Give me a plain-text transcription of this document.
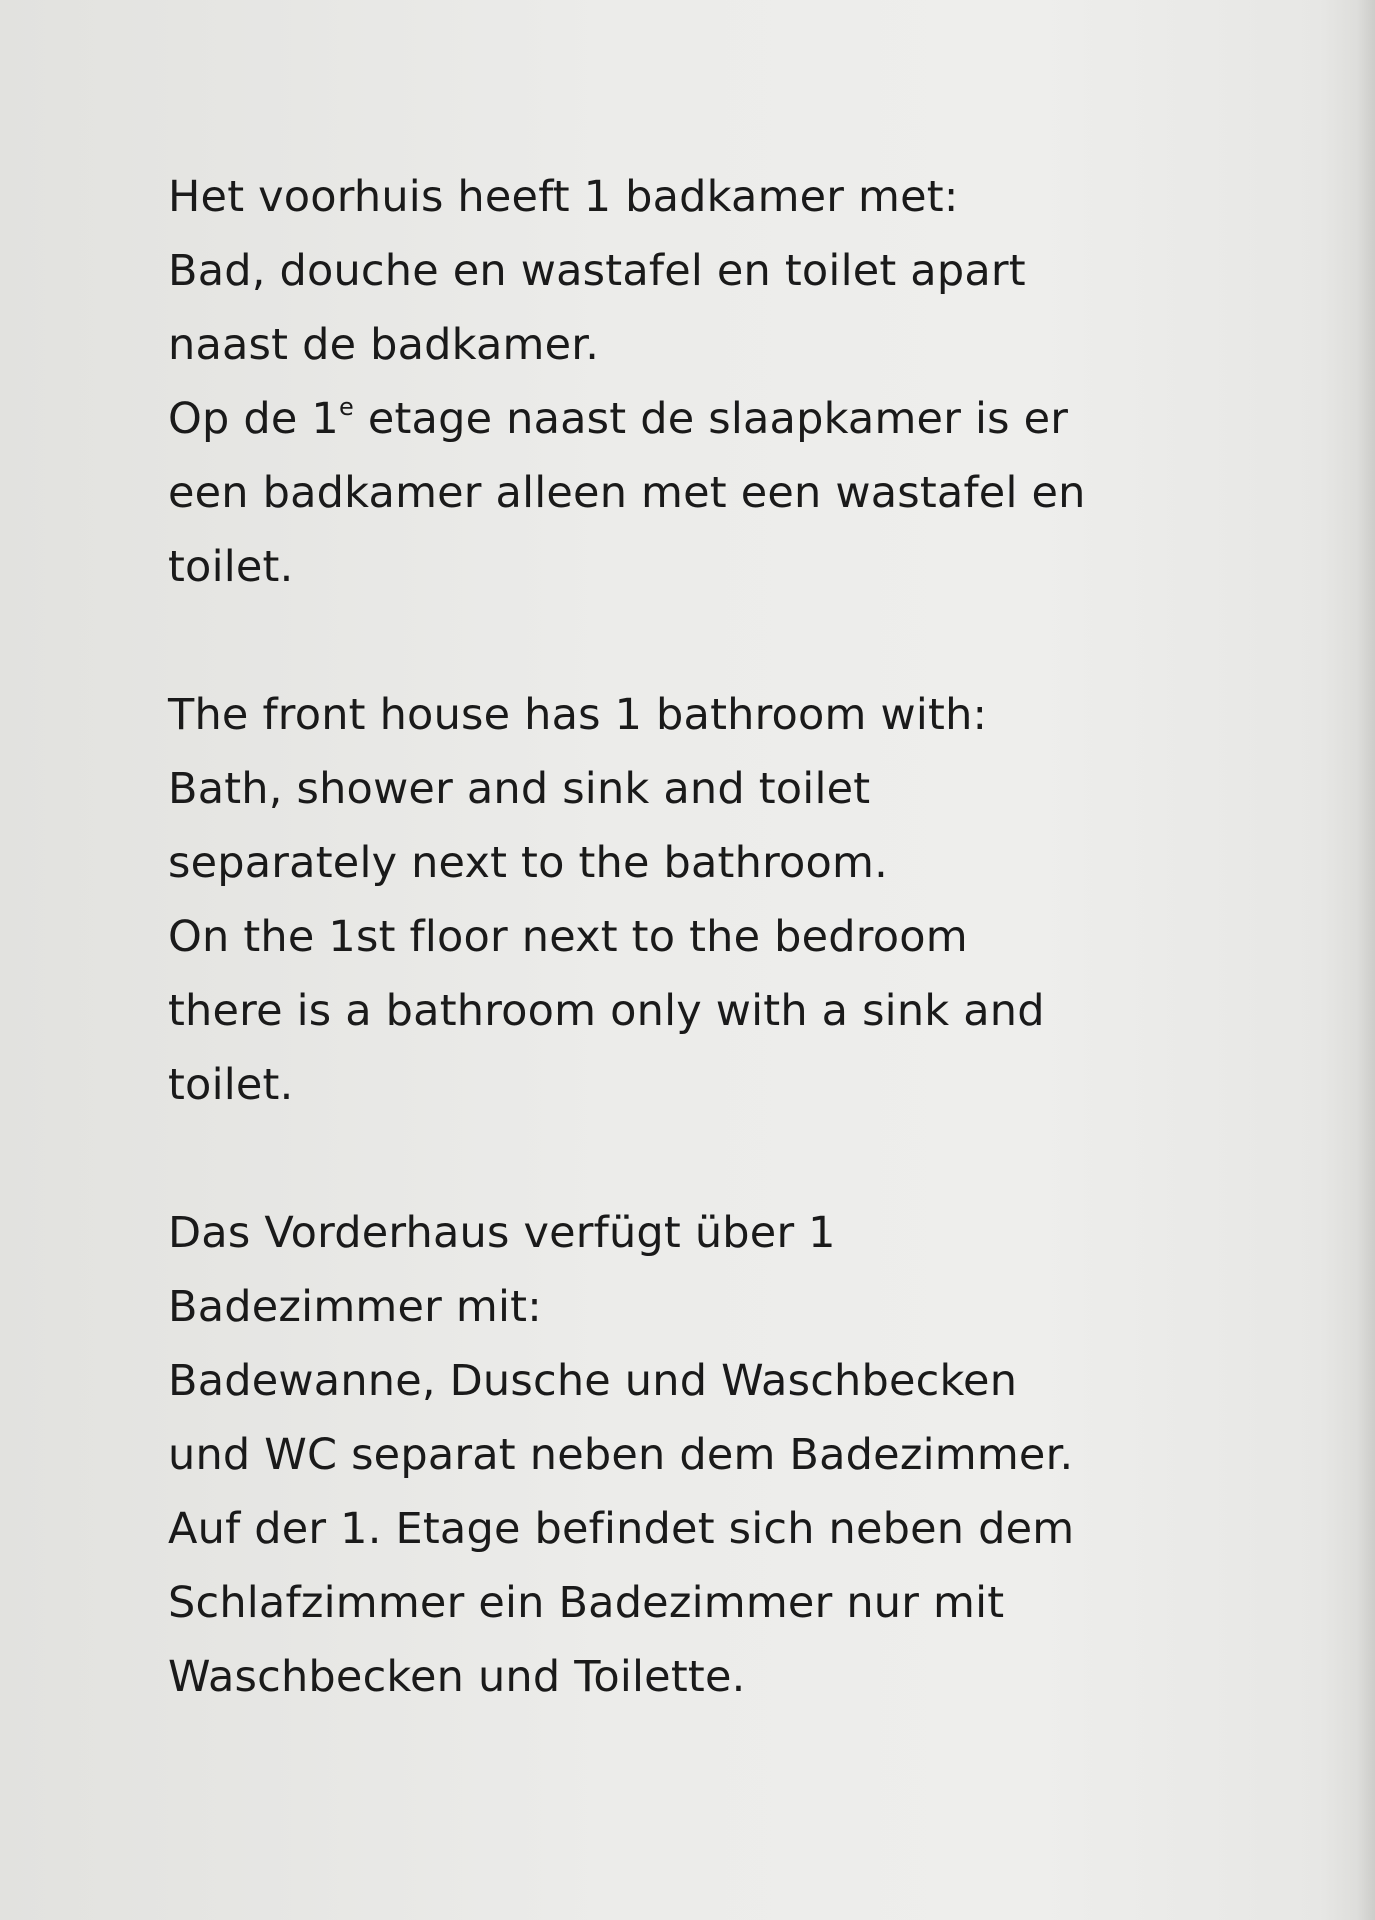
Het voorhuis heeft 1 badkamer met:
Bad, douche en wastafel en toilet apart
naast de badkamer.
Op de 1e etage naast de slaapkamer is er
een badkamer alleen met een wastafel en
toilet.

The front house has 1 bathroom with:
Bath, shower and sink and toilet
separately next to the bathroom.
On the 1st floor next to the bedroom
there is a bathroom only with a sink and
toilet.

Das Vorderhaus verfügt über 1
Badezimmer mit:
Badewanne, Dusche und Waschbecken
und WC separat neben dem Badezimmer.
Auf der 1. Etage befindet sich neben dem
Schlafzimmer ein Badezimmer nur mit
Waschbecken und Toilette.
